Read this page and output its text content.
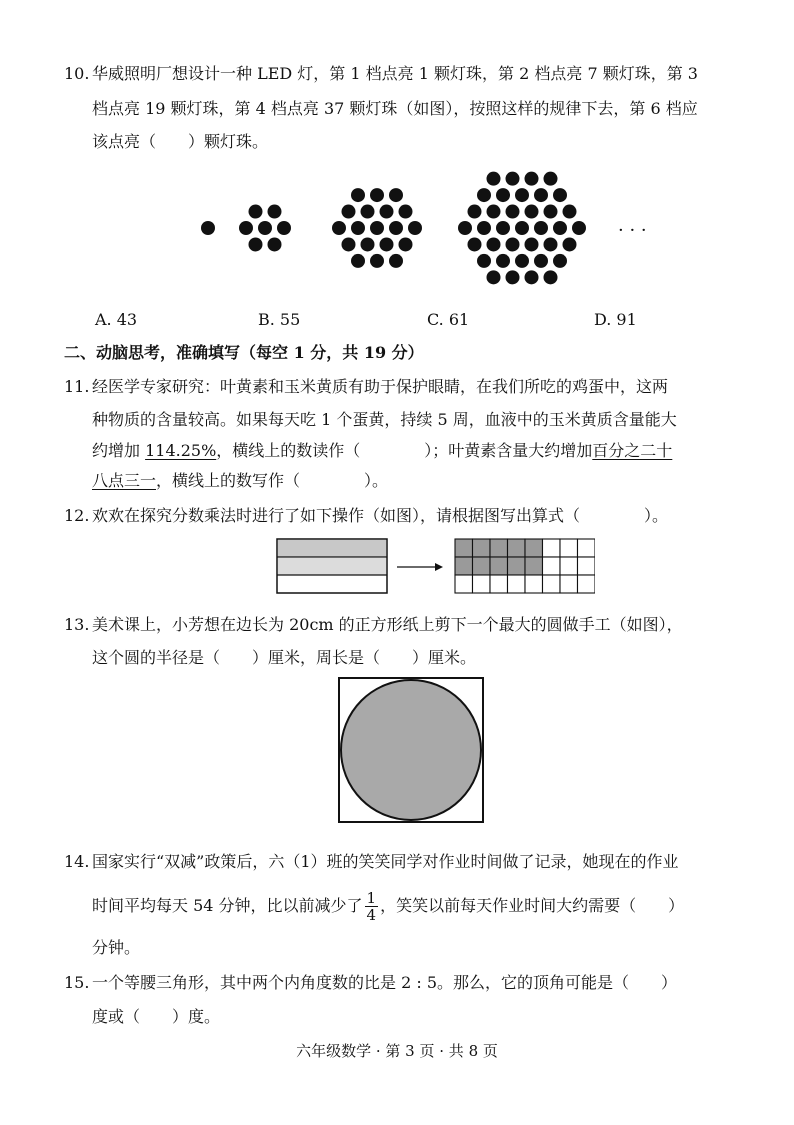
10. 华威照明厂想设计一种 LED 灯，第 1 档点亮 1 颗灯珠，第 2 档点亮 7 颗灯珠，第 3
档点亮 19 颗灯珠，第 4 档点亮 37 颗灯珠（如图），按照这样的规律下去，第 6 档应
该点亮（　　）颗灯珠。
· · ·
A. 43	B. 55	C. 61	D. 91
二、动脑思考，准确填写（每空 1 分，共 19 分）
11. 经医学专家研究：叶黄素和玉米黄质有助于保护眼睛，在我们所吃的鸡蛋中，这两
种物质的含量较高。如果每天吃 1 个蛋黄，持续 5 周，血液中的玉米黄质含量能大
约增加 114.25%，横线上的数读作（　　　　）；叶黄素含量大约增加百分之二十
八点三一，横线上的数写作（　　　　）。
12. 欢欢在探究分数乘法时进行了如下操作（如图），请根据图写出算式（　　　　）。
13. 美术课上，小芳想在边长为 20cm 的正方形纸上剪下一个最大的圆做手工（如图），
这个圆的半径是（　　）厘米，周长是（　　）厘米。
14. 国家实行“双减”政策后，六（1）班的笑笑同学对作业时间做了记录，她现在的作业
时间平均每天 54 分钟，比以前减少了 $\frac{1}{4}$ ，笑笑以前每天作业时间大约需要（　　）
分钟。
15. 一个等腰三角形，其中两个内角度数的比是 2 : 5。那么，它的顶角可能是（　　）
度或（　　）度。
六年级数学 · 第 3 页 · 共 8 页
